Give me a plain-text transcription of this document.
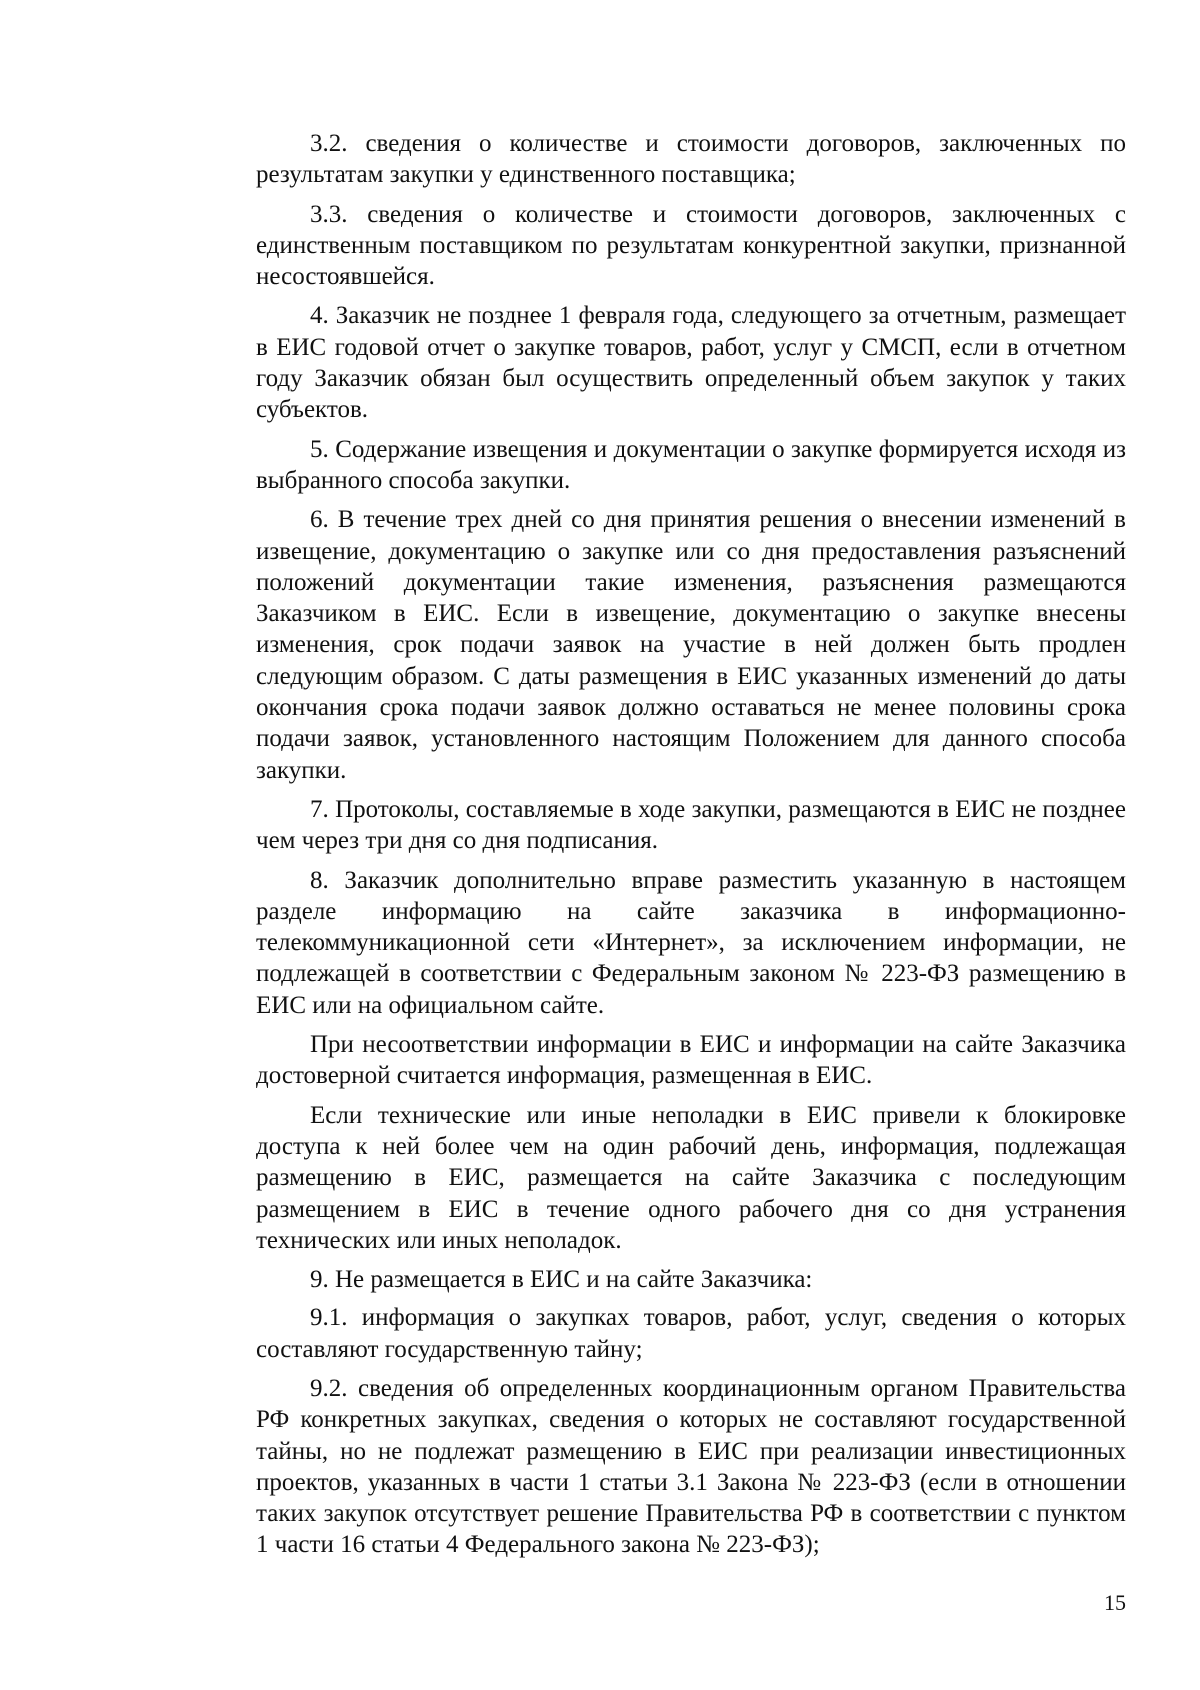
3.2. сведения о количестве и стоимости договоров, заключенных по результатам закупки у единственного поставщика;

3.3. сведения о количестве и стоимости договоров, заключенных с единственным поставщиком по результатам конкурентной закупки, признанной несостоявшейся.

4. Заказчик не позднее 1 февраля года, следующего за отчетным, размещает в ЕИС годовой отчет о закупке товаров, работ, услуг у СМСП, если в отчетном году Заказчик обязан был осуществить определенный объем закупок у таких субъектов.

5. Содержание извещения и документации о закупке формируется исходя из выбранного способа закупки.

6. В течение трех дней со дня принятия решения о внесении изменений в извещение, документацию о закупке или со дня предоставления разъяснений положений документации такие изменения, разъяснения размещаются Заказчиком в ЕИС. Если в извещение, документацию о закупке внесены изменения, срок подачи заявок на участие в ней должен быть продлен следующим образом. С даты размещения в ЕИС указанных изменений до даты окончания срока подачи заявок должно оставаться не менее половины срока подачи заявок, установленного настоящим Положением для данного способа закупки.

7. Протоколы, составляемые в ходе закупки, размещаются в ЕИС не позднее чем через три дня со дня подписания.

8. Заказчик дополнительно вправе разместить указанную в настоящем разделе информацию на сайте заказчика в информационно-телекоммуникационной сети «Интернет», за исключением информации, не подлежащей в соответствии с Федеральным законом № 223-ФЗ размещению в ЕИС или на официальном сайте.

При несоответствии информации в ЕИС и информации на сайте Заказчика достоверной считается информация, размещенная в ЕИС.

Если технические или иные неполадки в ЕИС привели к блокировке доступа к ней более чем на один рабочий день, информация, подлежащая размещению в ЕИС, размещается на сайте Заказчика с последующим размещением в ЕИС в течение одного рабочего дня со дня устранения технических или иных неполадок.

9. Не размещается в ЕИС и на сайте Заказчика:

9.1. информация о закупках товаров, работ, услуг, сведения о которых составляют государственную тайну;

9.2. сведения об определенных координационным органом Правительства РФ конкретных закупках, сведения о которых не составляют государственной тайны, но не подлежат размещению в ЕИС при реализации инвестиционных проектов, указанных в части 1 статьи 3.1 Закона № 223-ФЗ (если в отношении таких закупок отсутствует решение Правительства РФ в соответствии с пунктом 1 части 16 статьи 4 Федерального закона № 223-ФЗ);

15
